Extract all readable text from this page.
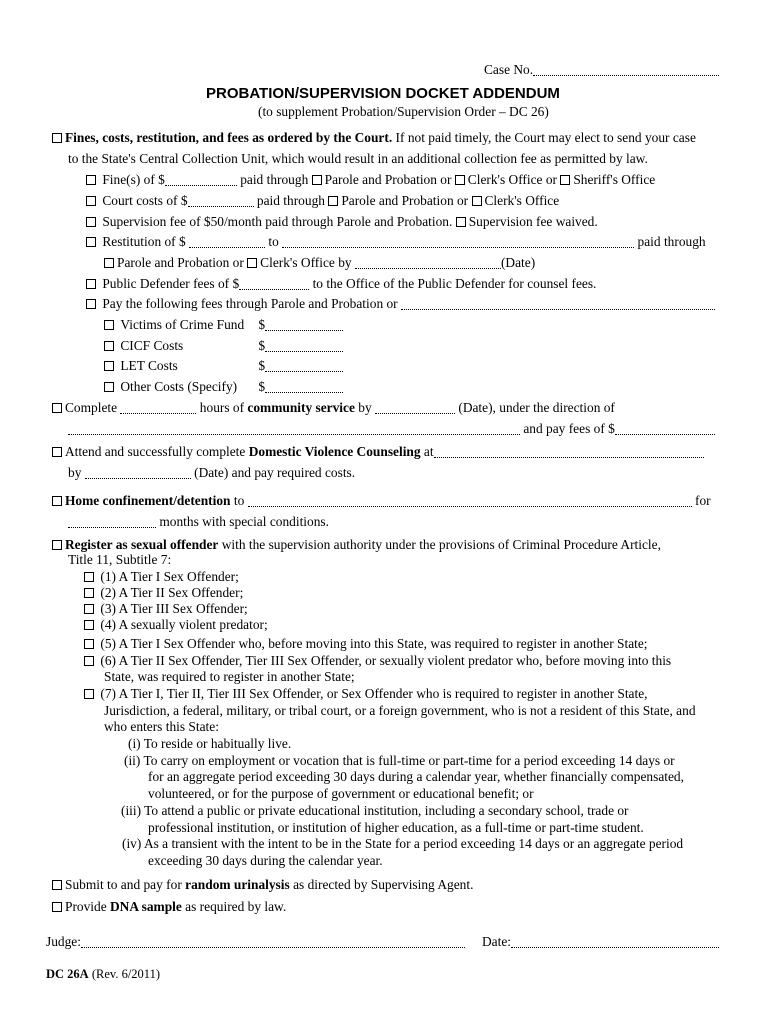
Case No.
PROBATION/SUPERVISION DOCKET ADDENDUM
(to supplement Probation/Supervision Order – DC 26)
Fines, costs, restitution, and fees as ordered by the Court. If not paid timely, the Court may elect to send your case
to the State's Central Collection Unit, which would result in an additional collection fee as permitted by law.
Fine(s) of $	paid through Parole and Probation or Clerk's Office or Sheriff's Office
Court costs of $	paid through Parole and Probation or Clerk's Office
Supervision fee of $50/month paid through Parole and Probation. Supervision fee waived.
Restitution of $	to	paid through
Parole and Probation or Clerk's Office by	(Date)
Public Defender fees of $	to the Office of the Public Defender for counsel fees.
Pay the following fees through Parole and Probation or
Victims of Crime Fund $
CICF Costs	$
LET Costs	$
Other Costs (Specify) $
Complete	hours of community service by	(Date), under the direction of
and pay fees of $
Attend and successfully complete Domestic Violence Counseling at
by	(Date) and pay required costs.
Home confinement/detention to	for
months with special conditions.
Register as sexual offender with the supervision authority under the provisions of Criminal Procedure Article,
Title 11, Subtitle 7:
(1) A Tier I Sex Offender;
(2) A Tier II Sex Offender;
(3) A Tier III Sex Offender;
(4) A sexually violent predator;
(5) A Tier I Sex Offender who, before moving into this State, was required to register in another State;
(6) A Tier II Sex Offender, Tier III Sex Offender, or sexually violent predator who, before moving into this
State, was required to register in another State;
(7) A Tier I, Tier II, Tier III Sex Offender, or Sex Offender who is required to register in another State,
Jurisdiction, a federal, military, or tribal court, or a foreign government, who is not a resident of this State, and
who enters this State:
(i) To reside or habitually live.
(ii) To carry on employment or vocation that is full-time or part-time for a period exceeding 14 days or
for an aggregate period exceeding 30 days during a calendar year, whether financially compensated,
volunteered, or for the purpose of government or educational benefit; or
(iii) To attend a public or private educational institution, including a secondary school, trade or
professional institution, or institution of higher education, as a full-time or part-time student.
(iv) As a transient with the intent to be in the State for a period exceeding 14 days or an aggregate period
exceeding 30 days during the calendar year.
Submit to and pay for random urinalysis as directed by Supervising Agent.
Provide DNA sample as required by law.
Judge:	Date:
DC 26A (Rev. 6/2011)
